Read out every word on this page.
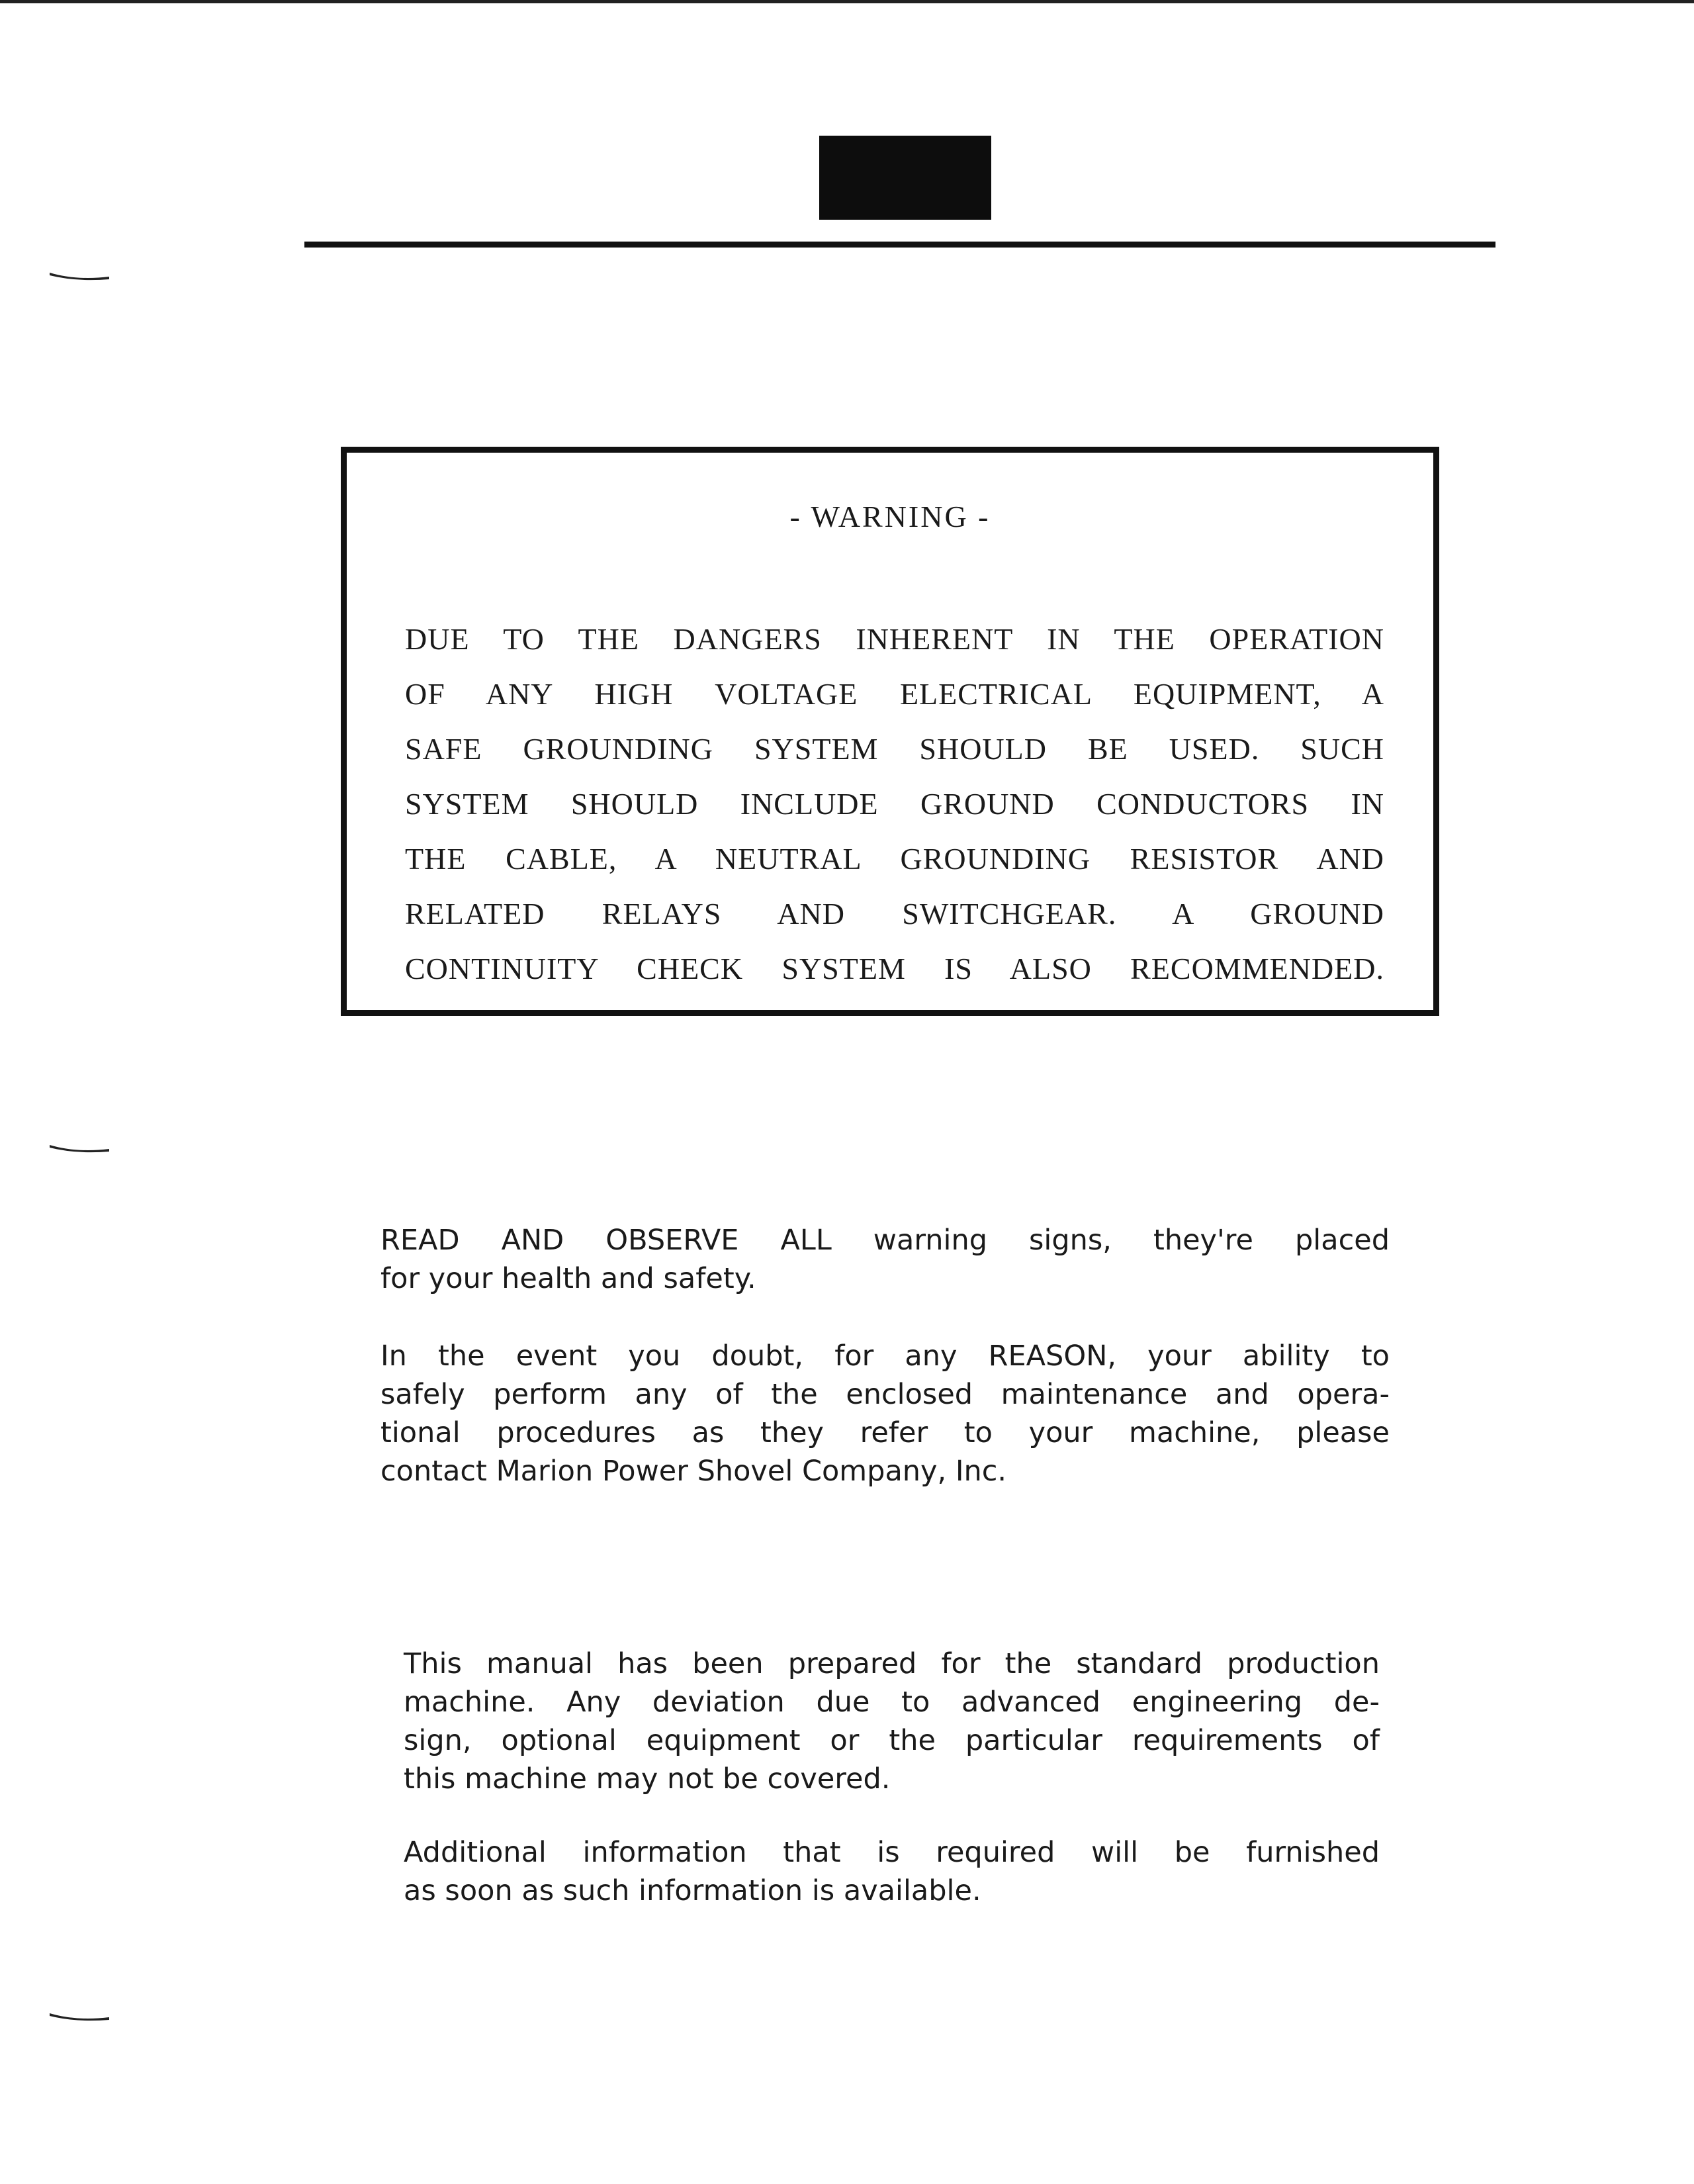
- WARNING -
DUE TO THE DANGERS INHERENT IN THE OPERATION
OF ANY HIGH VOLTAGE ELECTRICAL EQUIPMENT, A
SAFE GROUNDING SYSTEM SHOULD BE USED. SUCH
SYSTEM SHOULD INCLUDE GROUND CONDUCTORS IN
THE CABLE, A NEUTRAL GROUNDING RESISTOR AND
RELATED RELAYS AND SWITCHGEAR. A GROUND
CONTINUITY CHECK SYSTEM IS ALSO RECOMMENDED.
READ AND OBSERVE ALL warning signs, they're placed
for your health and safety.
In the event you doubt, for any REASON, your ability to
safely perform any of the enclosed maintenance and opera-
tional procedures as they refer to your machine, please
contact Marion Power Shovel Company, Inc.
This manual has been prepared for the standard production
machine. Any deviation due to advanced engineering de-
sign, optional equipment or the particular requirements of
this machine may not be covered.
Additional information that is required will be furnished
as soon as such information is available.
